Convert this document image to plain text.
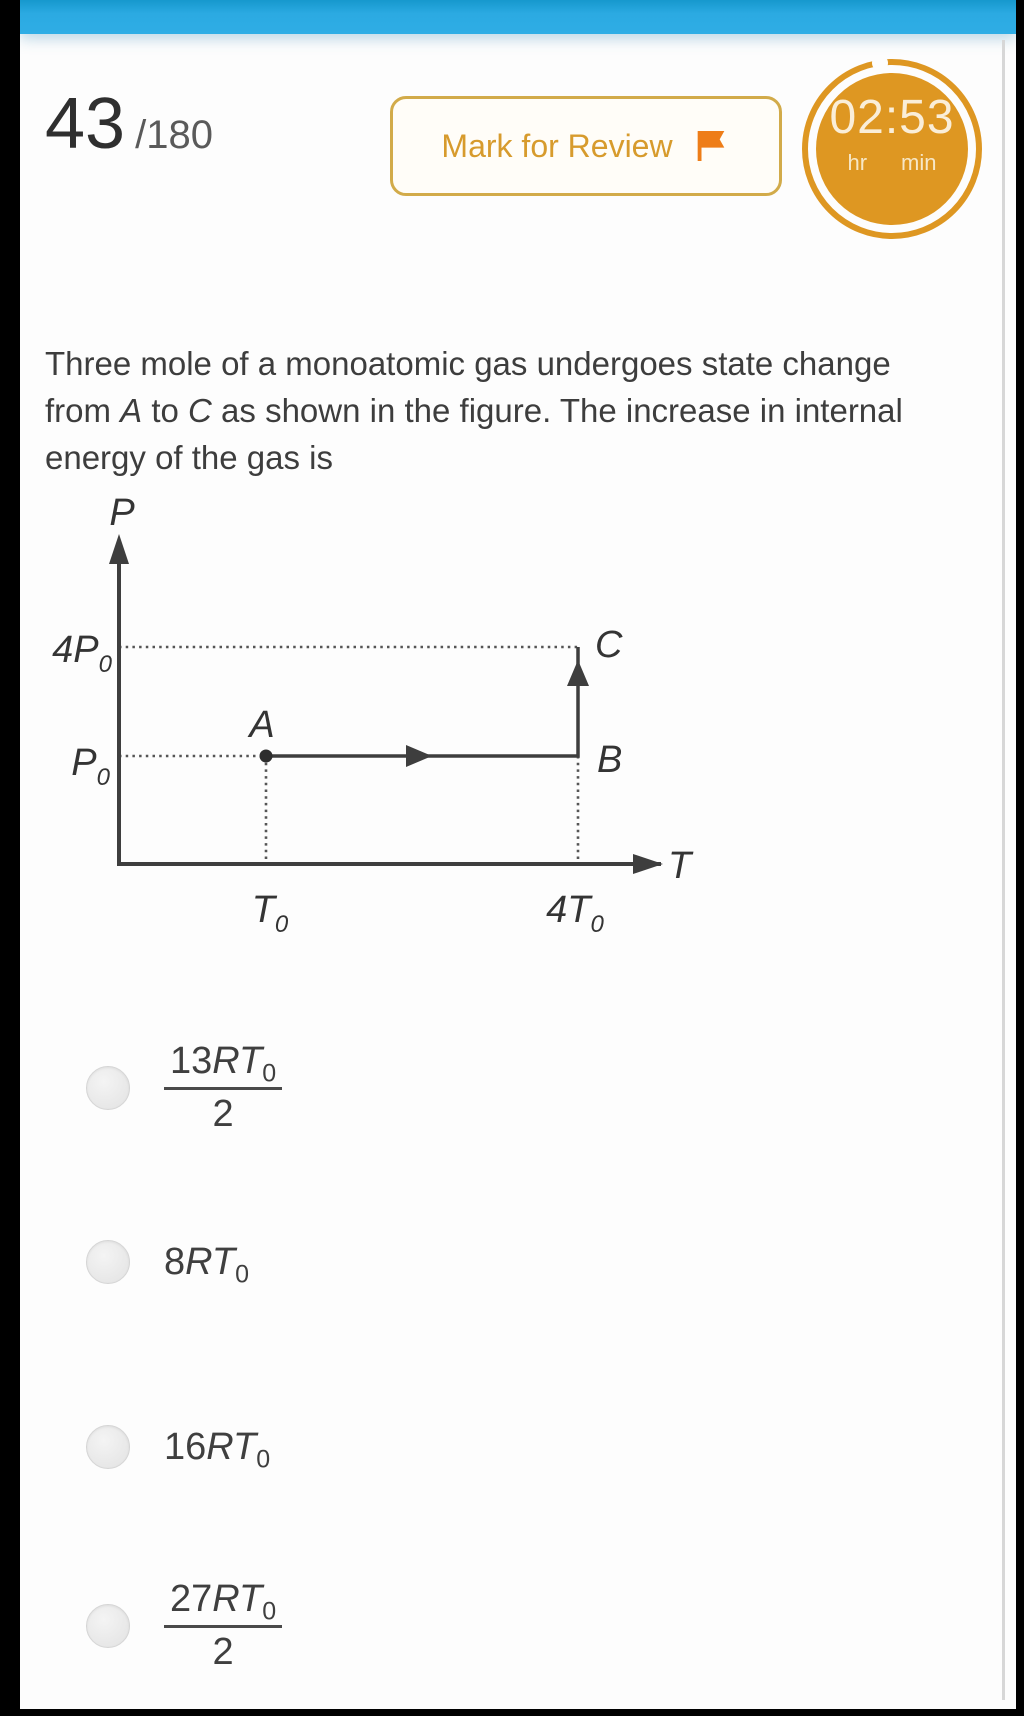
43 /180	Mark for Review
02:53
hr min
Three mole of a monoatomic gas undergoes state change
from A to C as shown in the figure. The increase in internal
energy of the gas is
P
T
$4P_0$
$P_0$
$T_0$	$4T_0$
A
B
C
$\frac{13RT_0}{2}$
$8RT_0$
$16RT_0$
$\frac{27RT_0}{2}$
